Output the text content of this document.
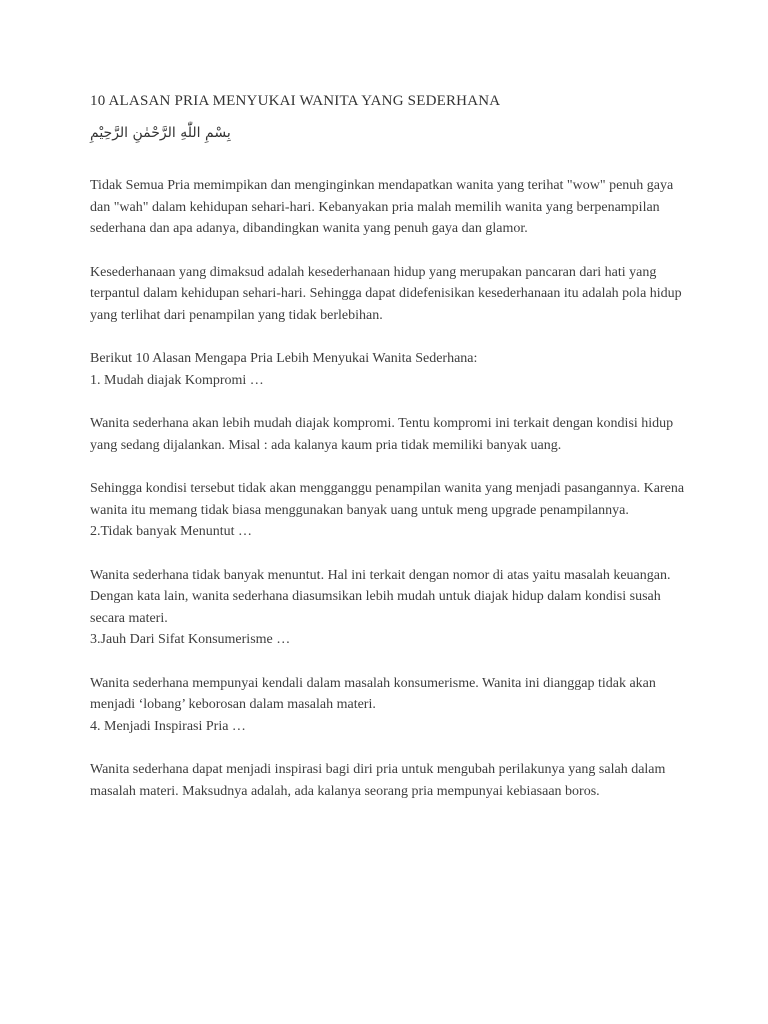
10 ALASAN PRIA MENYUKAI WANITA YANG SEDERHANA
بِسْمِ اللّٰهِ الرَّحْمٰنِ الرَّحِيْمِ

Tidak Semua Pria memimpikan dan menginginkan mendapatkan wanita yang terihat "wow" penuh gaya dan "wah" dalam kehidupan sehari-hari. Kebanyakan pria malah memilih wanita yang berpenampilan sederhana dan apa adanya, dibandingkan wanita yang penuh gaya dan glamor.

Kesederhanaan yang dimaksud adalah kesederhanaan hidup yang merupakan pancaran dari hati yang terpantul dalam kehidupan sehari-hari. Sehingga dapat didefenisikan kesederhanaan itu adalah pola hidup yang terlihat dari penampilan yang tidak berlebihan.

Berikut 10 Alasan Mengapa Pria Lebih Menyukai Wanita Sederhana:

1. Mudah diajak Kompromi …

Wanita sederhana akan lebih mudah diajak kompromi. Tentu kompromi ini terkait dengan kondisi hidup yang sedang dijalankan. Misal : ada kalanya kaum pria tidak memiliki banyak uang.

Sehingga kondisi tersebut tidak akan mengganggu penampilan wanita yang menjadi pasangannya. Karena wanita itu memang tidak biasa menggunakan banyak uang untuk meng upgrade penampilannya.

2.Tidak banyak Menuntut …

Wanita sederhana tidak banyak menuntut. Hal ini terkait dengan nomor di atas yaitu masalah keuangan. Dengan kata lain, wanita sederhana diasumsikan lebih mudah untuk diajak hidup dalam kondisi susah secara materi.

3.Jauh Dari Sifat Konsumerisme …

Wanita sederhana mempunyai kendali dalam masalah konsumerisme. Wanita ini dianggap tidak akan menjadi ‘lobang’ keborosan dalam masalah materi.

4. Menjadi Inspirasi Pria …

Wanita sederhana dapat menjadi inspirasi bagi diri pria untuk mengubah perilakunya yang salah dalam masalah materi. Maksudnya adalah, ada kalanya seorang pria mempunyai kebiasaan boros.
